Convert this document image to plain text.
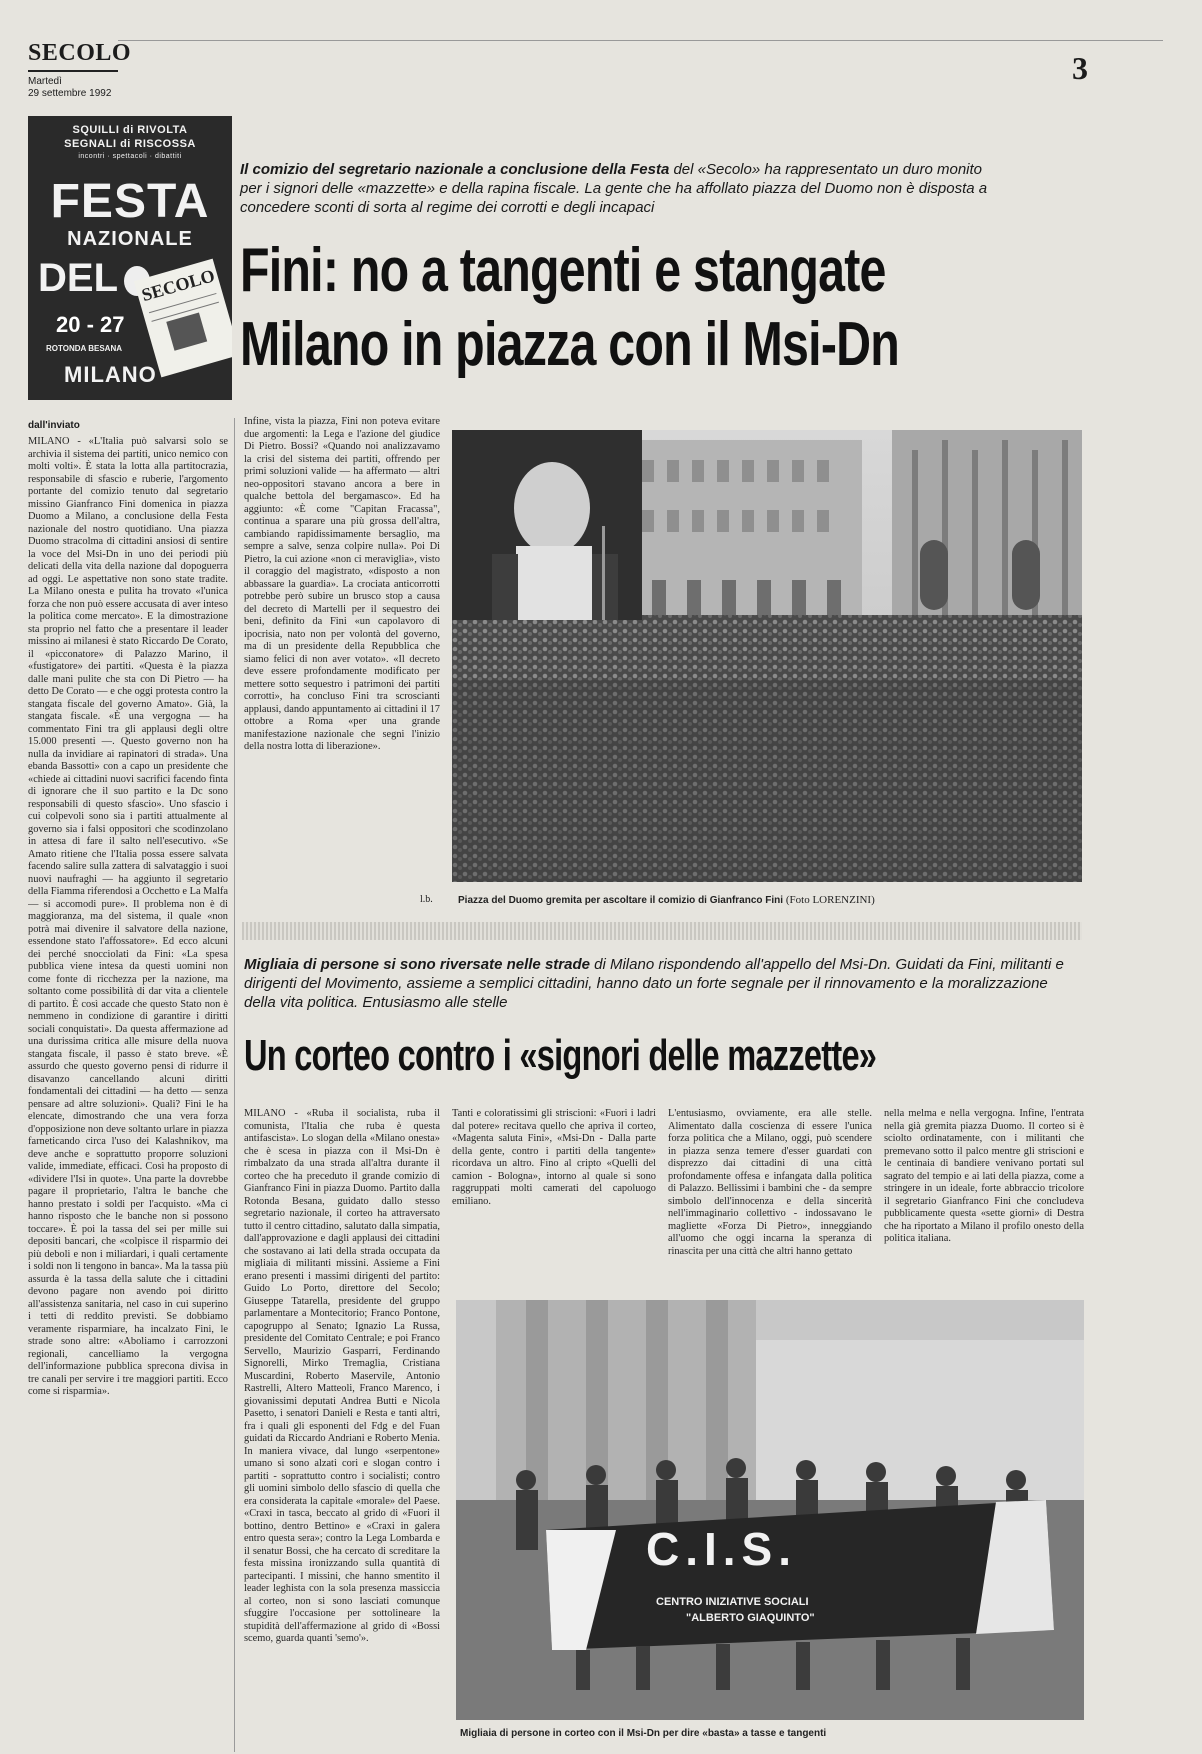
SECOLO
Martedì
29 settembre 1992
3
SQUILLI di RIVOLTA
SEGNALI di RISCOSSA
incontri · spettacoli · dibattiti
FESTA
NAZIONALE
DEL
20 - 27
ROTONDA BESANA
MILANO
SECOLO
Il comizio del segretario nazionale a conclusione della Festa del «Secolo» ha rappresentato un duro monito per i signori delle «mazzette» e della rapina fiscale. La gente che ha affollato piazza del Duomo non è disposta a concedere sconti di sorta al regime dei corrotti e degli incapaci
Fini: no a tangenti e stangate
Milano in piazza con il Msi-Dn
dall'inviato
MILANO - «L'Italia può salvarsi solo se archivia il sistema dei partiti, unico nemico con molti volti». È stata la lotta alla partitocrazia, responsabile di sfascio e ruberie, l'argomento portante del comizio tenuto dal segretario missino Gianfranco Fini domenica in piazza Duomo a Milano, a conclusione della Festa nazionale del nostro quotidiano. Una piazza Duomo stracolma di cittadini ansiosi di sentire la voce del Msi-Dn in uno dei periodi più delicati della vita della nazione dal dopoguerra ad oggi. Le aspettative non sono state tradite. La Milano onesta e pulita ha trovato «l'unica forza che non può essere accusata di aver inteso la politica come mercato». E la dimostrazione sta proprio nel fatto che a presentare il leader missino ai milanesi è stato Riccardo De Corato, il «picconatore» di Palazzo Marino, il «fustigatore» dei partiti. «Questa è la piazza dalle mani pulite che sta con Di Pietro — ha detto De Corato — e che oggi protesta contro la stangata fiscale del governo Amato». Già, la stangata fiscale. «È una vergogna — ha commentato Fini tra gli applausi degli oltre 15.000 presenti —. Questo governo non ha nulla da invidiare ai rapinatori di strada». Una ebanda Bassotti» con a capo un presidente che «chiede ai cittadini nuovi sacrifici facendo finta di ignorare che il suo partito e la Dc sono responsabili di questo sfascio». Uno sfascio i cui colpevoli sono sia i partiti attualmente al governo sia i falsi oppositori che scodinzolano in attesa di fare il salto nell'esecutivo. «Se Amato ritiene che l'Italia possa essere salvata facendo salire sulla zattera di salvataggio i suoi nuovi naufraghi — ha aggiunto il segretario della Fiamma riferendosi a Occhetto e La Malfa — si accomodi pure». Il problema non è di maggioranza, ma del sistema, il quale «non potrà mai divenire il salvatore della nazione, essendone stato l'affossatore». Ed ecco alcuni dei perché snocciolati da Fini: «La spesa pubblica viene intesa da questi uomini non come fonte di ricchezza per la nazione, ma soltanto come possibilità di dar vita a clientele di partito. È così accade che questo Stato non è nemmeno in condizione di garantire i diritti sociali conquistati». Da questa affermazione ad una durissima critica alle misure della nuova stangata fiscale, il passo è stato breve. «È assurdo che questo governo pensi di ridurre il disavanzo cancellando alcuni diritti fondamentali dei cittadini — ha detto — senza pensare ad altre soluzioni». Quali? Fini le ha elencate, dimostrando che una vera forza d'opposizione non deve soltanto urlare in piazza farneticando circa l'uso dei Kalashnikov, ma deve anche e soprattutto proporre soluzioni valide, immediate, efficaci. Così ha proposto di «dividere l'Isi in quote». Una parte la dovrebbe pagare il proprietario, l'altra le banche che hanno prestato i soldi per l'acquisto. «Ma ci hanno risposto che le banche non si possono toccare». È poi la tassa del sei per mille sui depositi bancari, che «colpisce il risparmio dei più deboli e non i miliardari, i quali certamente i soldi non li tengono in banca». Ma la tassa più assurda è la tassa della salute che i cittadini devono pagare non avendo poi diritto all'assistenza sanitaria, nel caso in cui superino i tetti di reddito previsti. Se dobbiamo veramente risparmiare, ha incalzato Fini, le strade sono altre: «Aboliamo i carrozzoni regionali, cancelliamo la vergogna dell'informazione pubblica sprecona divisa in tre canali per servire i tre maggiori partiti. Ecco come si risparmia».
Infine, vista la piazza, Fini non poteva evitare due argomenti: la Lega e l'azione del giudice Di Pietro. Bossi? «Quando noi analizzavamo la crisi del sistema dei partiti, offrendo per primi soluzioni valide — ha affermato — altri neo-oppositori stavano ancora a bere in qualche bettola del bergamasco». Ed ha aggiunto: «È come "Capitan Fracassa", continua a sparare una più grossa dell'altra, cambiando rapidissimamente bersaglio, ma sempre a salve, senza colpire nulla». Poi Di Pietro, la cui azione «non ci meraviglia», visto il coraggio del magistrato, «disposto a non abbassare la guardia». La crociata anticorrotti potrebbe però subire un brusco stop a causa del decreto di Martelli per il sequestro dei beni, definito da Fini «un capolavoro di ipocrisia, nato non per volontà del governo, ma di un presidente della Repubblica che siamo felici di non aver votato». «Il decreto deve essere profondamente modificato per mettere sotto sequestro i patrimoni dei partiti corrotti», ha concluso Fini tra scroscianti applausi, dando appuntamento ai cittadini il 17 ottobre a Roma «per una grande manifestazione nazionale che segni l'inizio della nostra lotta di liberazione».
l.b.	Piazza del Duomo gremita per ascoltare il comizio di Gianfranco Fini (Foto LORENZINI)
Migliaia di persone si sono riversate nelle strade di Milano rispondendo all'appello del Msi-Dn. Guidati da Fini, militanti e dirigenti del Movimento, assieme a semplici cittadini, hanno dato un forte segnale per il rinnovamento e la moralizzazione della vita politica. Entusiasmo alle stelle
Un corteo contro i «signori delle mazzette»
MILANO - «Ruba il socialista, ruba il comunista, l'Italia che ruba è questa antifascista». Lo slogan della «Milano onesta» che è scesa in piazza con il Msi-Dn è rimbalzato da una strada all'altra durante il corteo che ha preceduto il grande comizio di Gianfranco Fini in piazza Duomo. Partito dalla Rotonda Besana, guidato dallo stesso segretario nazionale, il corteo ha attraversato tutto il centro cittadino, salutato dalla simpatia, dall'approvazione e dagli applausi dei cittadini che sostavano ai lati della strada occupata da migliaia di militanti missini. Assieme a Fini erano presenti i massimi dirigenti del partito: Guido Lo Porto, direttore del Secolo; Giuseppe Tatarella, presidente del gruppo parlamentare a Montecitorio; Franco Pontone, capogruppo al Senato; Ignazio La Russa, presidente del Comitato Centrale; e poi Franco Servello, Maurizio Gasparri, Ferdinando Signorelli, Mirko Tremaglia, Cristiana Muscardini, Roberto Maservile, Antonio Rastrelli, Altero Matteoli, Franco Marenco, i giovanissimi deputati Andrea Butti e Nicola Pasetto, i senatori Danieli e Resta e tanti altri, fra i quali gli esponenti del Fdg e del Fuan guidati da Riccardo Andriani e Roberto Menia. In maniera vivace, dal lungo «serpentone» umano si sono alzati cori e slogan contro i partiti - soprattutto contro i socialisti; contro gli uomini simbolo dello sfascio di quella che era considerata la capitale «morale» del Paese. «Craxi in tasca, beccato al grido di «Fuori il bottino, dentro Bettino» e «Craxi in galera entro questa sera»; contro la Lega Lombarda e il senatur Bossi, che ha cercato di screditare la festa missina ironizzando sulla quantità di partecipanti. I missini, che hanno smentito il leader leghista con la sola presenza massiccia al corteo, non si sono lasciati comunque sfuggire l'occasione per sottolineare la stupidità dell'affermazione al grido di «Bossi scemo, guarda quanti 'semo'».
Tanti e coloratissimi gli striscioni: «Fuori i ladri dal potere» recitava quello che apriva il corteo, «Magenta saluta Fini», «Msi-Dn - Dalla parte della gente, contro i partiti della tangente» ricordava un altro. Fino al cripto «Quelli del camion - Bologna», intorno al quale si sono raggruppati molti camerati del capoluogo emiliano.
L'entusiasmo, ovviamente, era alle stelle. Alimentato dalla coscienza di essere l'unica forza politica che a Milano, oggi, può scendere in piazza senza temere d'esser guardati con disprezzo dai cittadini di una città profondamente offesa e infangata dalla politica di Palazzo. Bellissimi i bambini che - da sempre simbolo dell'innocenza e della sincerità nell'immaginario collettivo - indossavano le magliette «Forza Di Pietro», inneggiando all'uomo che oggi incarna la speranza di rinascita per una città che altri hanno gettato
nella melma e nella vergogna. Infine, l'entrata nella già gremita piazza Duomo. Il corteo si è sciolto ordinatamente, con i militanti che premevano sotto il palco mentre gli striscioni e le centinaia di bandiere venivano portati sul sagrato del tempio e ai lati della piazza, come a stringere in un ideale, forte abbraccio tricolore il segretario Gianfranco Fini che concludeva pubblicamente questa «sette giorni» di Destra che ha riportato a Milano il profilo onesto della politica italiana.
C.I.S.
CENTRO INIZIATIVE SOCIALI
"ALBERTO GIAQUINTO"
Migliaia di persone in corteo con il Msi-Dn per dire «basta» a tasse e tangenti
